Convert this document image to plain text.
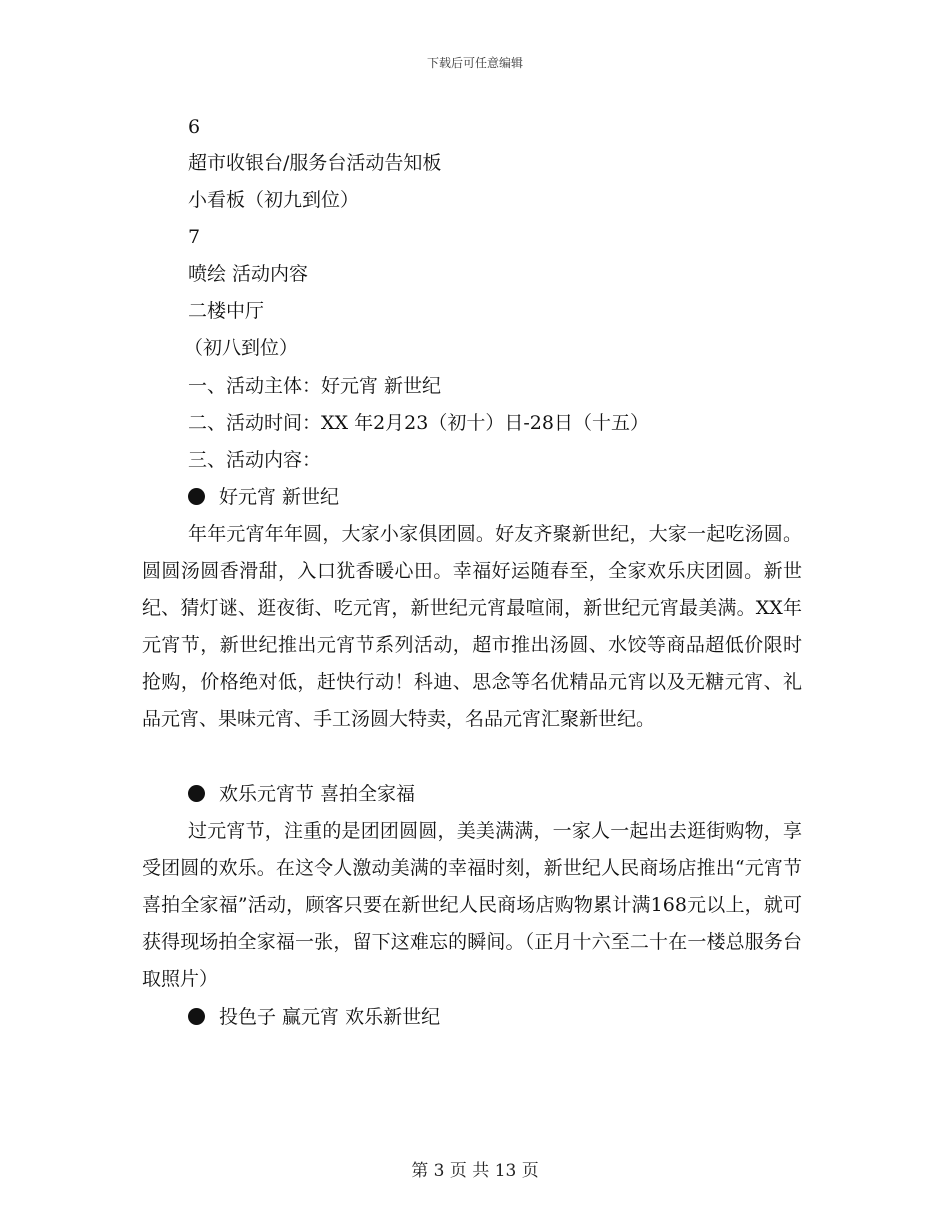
下载后可任意编辑
6
超市收银台/服务台活动告知板
小看板（初九到位）
7
喷绘 活动内容
二楼中厅
（初八到位）
一、活动主体：好元宵 新世纪
二、活动时间：XX 年2月23（初十）日-28日（十五）
三、活动内容：
好元宵 新世纪
年年元宵年年圆，大家小家俱团圆。好友齐聚新世纪，大家一起吃汤圆。圆圆汤圆香滑甜，入口犹香暖心田。幸福好运随春至，全家欢乐庆团圆。新世纪、猜灯谜、逛夜街、吃元宵，新世纪元宵最喧闹，新世纪元宵最美满。XX年元宵节，新世纪推出元宵节系列活动，超市推出汤圆、水饺等商品超低价限时抢购，价格绝对低，赶快行动！科迪、思念等名优精品元宵以及无糖元宵、礼品元宵、果味元宵、手工汤圆大特卖，名品元宵汇聚新世纪。
欢乐元宵节 喜拍全家福
过元宵节，注重的是团团圆圆，美美满满，一家人一起出去逛街购物，享受团圆的欢乐。在这令人激动美满的幸福时刻，新世纪人民商场店推出“元宵节喜拍全家福”活动，顾客只要在新世纪人民商场店购物累计满168元以上，就可获得现场拍全家福一张，留下这难忘的瞬间。（正月十六至二十在一楼总服务台取照片）
投色子 赢元宵 欢乐新世纪
第 3 页 共 13 页
